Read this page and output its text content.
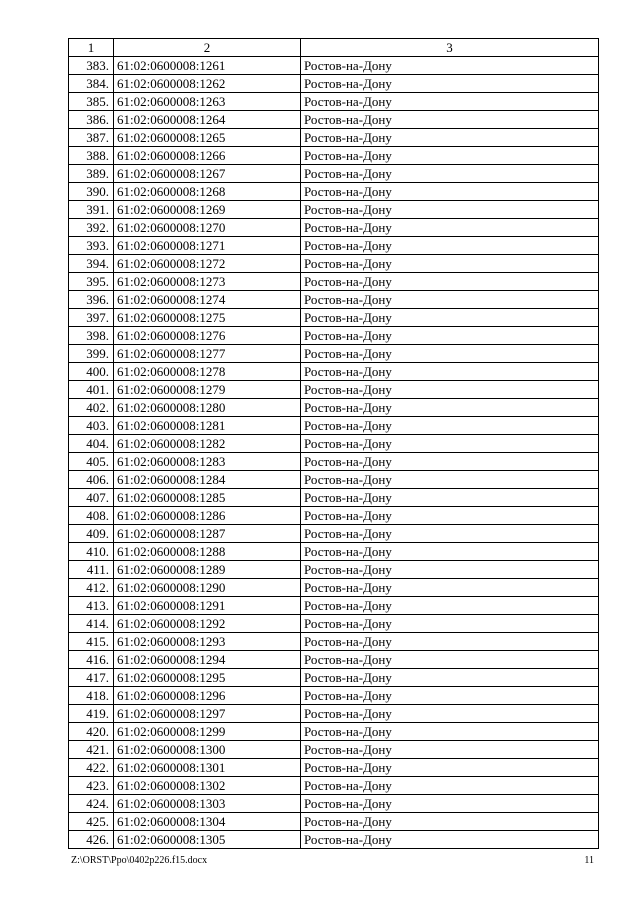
1	2	3
383.	61:02:0600008:1261	Ростов-на-Дону
384.	61:02:0600008:1262	Ростов-на-Дону
385.	61:02:0600008:1263	Ростов-на-Дону
386.	61:02:0600008:1264	Ростов-на-Дону
387.	61:02:0600008:1265	Ростов-на-Дону
388.	61:02:0600008:1266	Ростов-на-Дону
389.	61:02:0600008:1267	Ростов-на-Дону
390.	61:02:0600008:1268	Ростов-на-Дону
391.	61:02:0600008:1269	Ростов-на-Дону
392.	61:02:0600008:1270	Ростов-на-Дону
393.	61:02:0600008:1271	Ростов-на-Дону
394.	61:02:0600008:1272	Ростов-на-Дону
395.	61:02:0600008:1273	Ростов-на-Дону
396.	61:02:0600008:1274	Ростов-на-Дону
397.	61:02:0600008:1275	Ростов-на-Дону
398.	61:02:0600008:1276	Ростов-на-Дону
399.	61:02:0600008:1277	Ростов-на-Дону
400.	61:02:0600008:1278	Ростов-на-Дону
401.	61:02:0600008:1279	Ростов-на-Дону
402.	61:02:0600008:1280	Ростов-на-Дону
403.	61:02:0600008:1281	Ростов-на-Дону
404.	61:02:0600008:1282	Ростов-на-Дону
405.	61:02:0600008:1283	Ростов-на-Дону
406.	61:02:0600008:1284	Ростов-на-Дону
407.	61:02:0600008:1285	Ростов-на-Дону
408.	61:02:0600008:1286	Ростов-на-Дону
409.	61:02:0600008:1287	Ростов-на-Дону
410.	61:02:0600008:1288	Ростов-на-Дону
411.	61:02:0600008:1289	Ростов-на-Дону
412.	61:02:0600008:1290	Ростов-на-Дону
413.	61:02:0600008:1291	Ростов-на-Дону
414.	61:02:0600008:1292	Ростов-на-Дону
415.	61:02:0600008:1293	Ростов-на-Дону
416.	61:02:0600008:1294	Ростов-на-Дону
417.	61:02:0600008:1295	Ростов-на-Дону
418.	61:02:0600008:1296	Ростов-на-Дону
419.	61:02:0600008:1297	Ростов-на-Дону
420.	61:02:0600008:1299	Ростов-на-Дону
421.	61:02:0600008:1300	Ростов-на-Дону
422.	61:02:0600008:1301	Ростов-на-Дону
423.	61:02:0600008:1302	Ростов-на-Дону
424.	61:02:0600008:1303	Ростов-на-Дону
425.	61:02:0600008:1304	Ростов-на-Дону
426.	61:02:0600008:1305	Ростов-на-Дону
Z:\ORST\Ppo\0402p226.f15.docx	11
